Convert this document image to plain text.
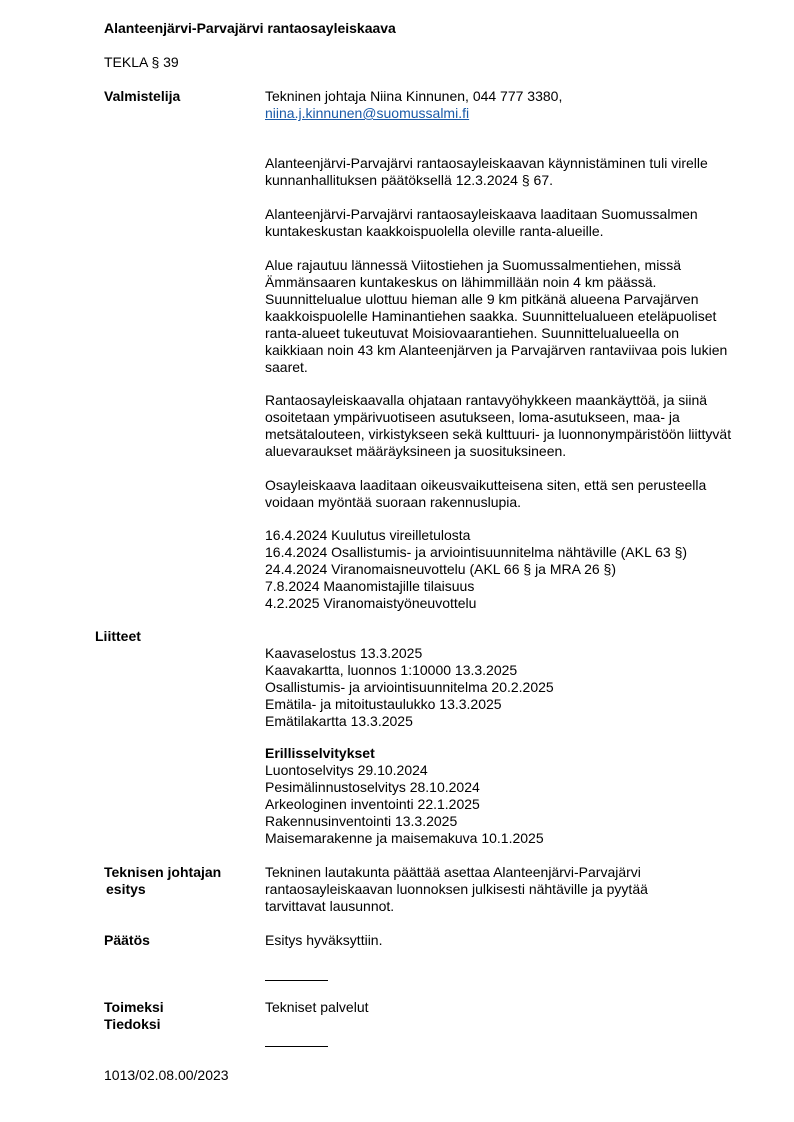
Alanteenjärvi-Parvajärvi rantaosayleiskaava
TEKLA § 39
Valmistelija	Tekninen johtaja Niina Kinnunen, 044 777 3380,
niina.j.kinnunen@suomussalmi.fi
Alanteenjärvi-Parvajärvi rantaosayleiskaavan käynnistäminen tuli virelle kunnanhallituksen päätöksellä 12.3.2024 § 67.
Alanteenjärvi-Parvajärvi rantaosayleiskaava laaditaan Suomussalmen kuntakeskustan kaakkoispuolella oleville ranta-alueille.
Alue rajautuu lännessä Viitostiehen ja Suomussalmentiehen, missä Ämmänsaaren kuntakeskus on lähimmillään noin 4 km päässä. Suunnittelualue ulottuu hieman alle 9 km pitkänä alueena Parvajärven kaakkoispuolelle Haminantiehen saakka. Suunnittelualueen eteläpuoliset ranta-alueet tukeutuvat Moisiovaarantiehen. Suunnittelualueella on kaikkiaan noin 43 km Alanteenjärven ja Parvajärven rantaviivaa pois lukien saaret.
Rantaosayleiskaavalla ohjataan rantavyöhykkeen maankäyttöä, ja siinä osoitetaan ympärivuotiseen asutukseen, loma-asutukseen, maa- ja metsätalouteen, virkistykseen sekä kulttuuri- ja luonnonympäristöön liittyvät aluevaraukset määräyksineen ja suosituksineen.
Osayleiskaava laaditaan oikeusvaikutteisena siten, että sen perusteella voidaan myöntää suoraan rakennuslupia.
16.4.2024 Kuulutus vireilletulosta
16.4.2024 Osallistumis- ja arviointisuunnitelma nähtäville (AKL 63 §)
24.4.2024 Viranomaisneuvottelu (AKL 66 § ja MRA 26 §)
7.8.2024 Maanomistajille tilaisuus
4.2.2025 Viranomaistyöneuvottelu
Liitteet
Kaavaselostus 13.3.2025
Kaavakartta, luonnos 1:10000 13.3.2025
Osallistumis- ja arviointisuunnitelma 20.2.2025
Emätila- ja mitoitustaulukko 13.3.2025
Emätilakartta 13.3.2025
Erillisselvitykset
Luontoselvitys 29.10.2024
Pesimälinnustoselvitys 28.10.2024
Arkeologinen inventointi 22.1.2025
Rakennusinventointi 13.3.2025
Maisemarakenne ja maisemakuva 10.1.2025
Teknisen johtajan
esitys
Tekninen lautakunta päättää asettaa Alanteenjärvi-Parvajärvi rantaosayleiskaavan luonnoksen julkisesti nähtäville ja pyytää tarvittavat lausunnot.
Päätös	Esitys hyväksyttiin.
Toimeksi
Tiedoksi
Tekniset palvelut
1013/02.08.00/2023
